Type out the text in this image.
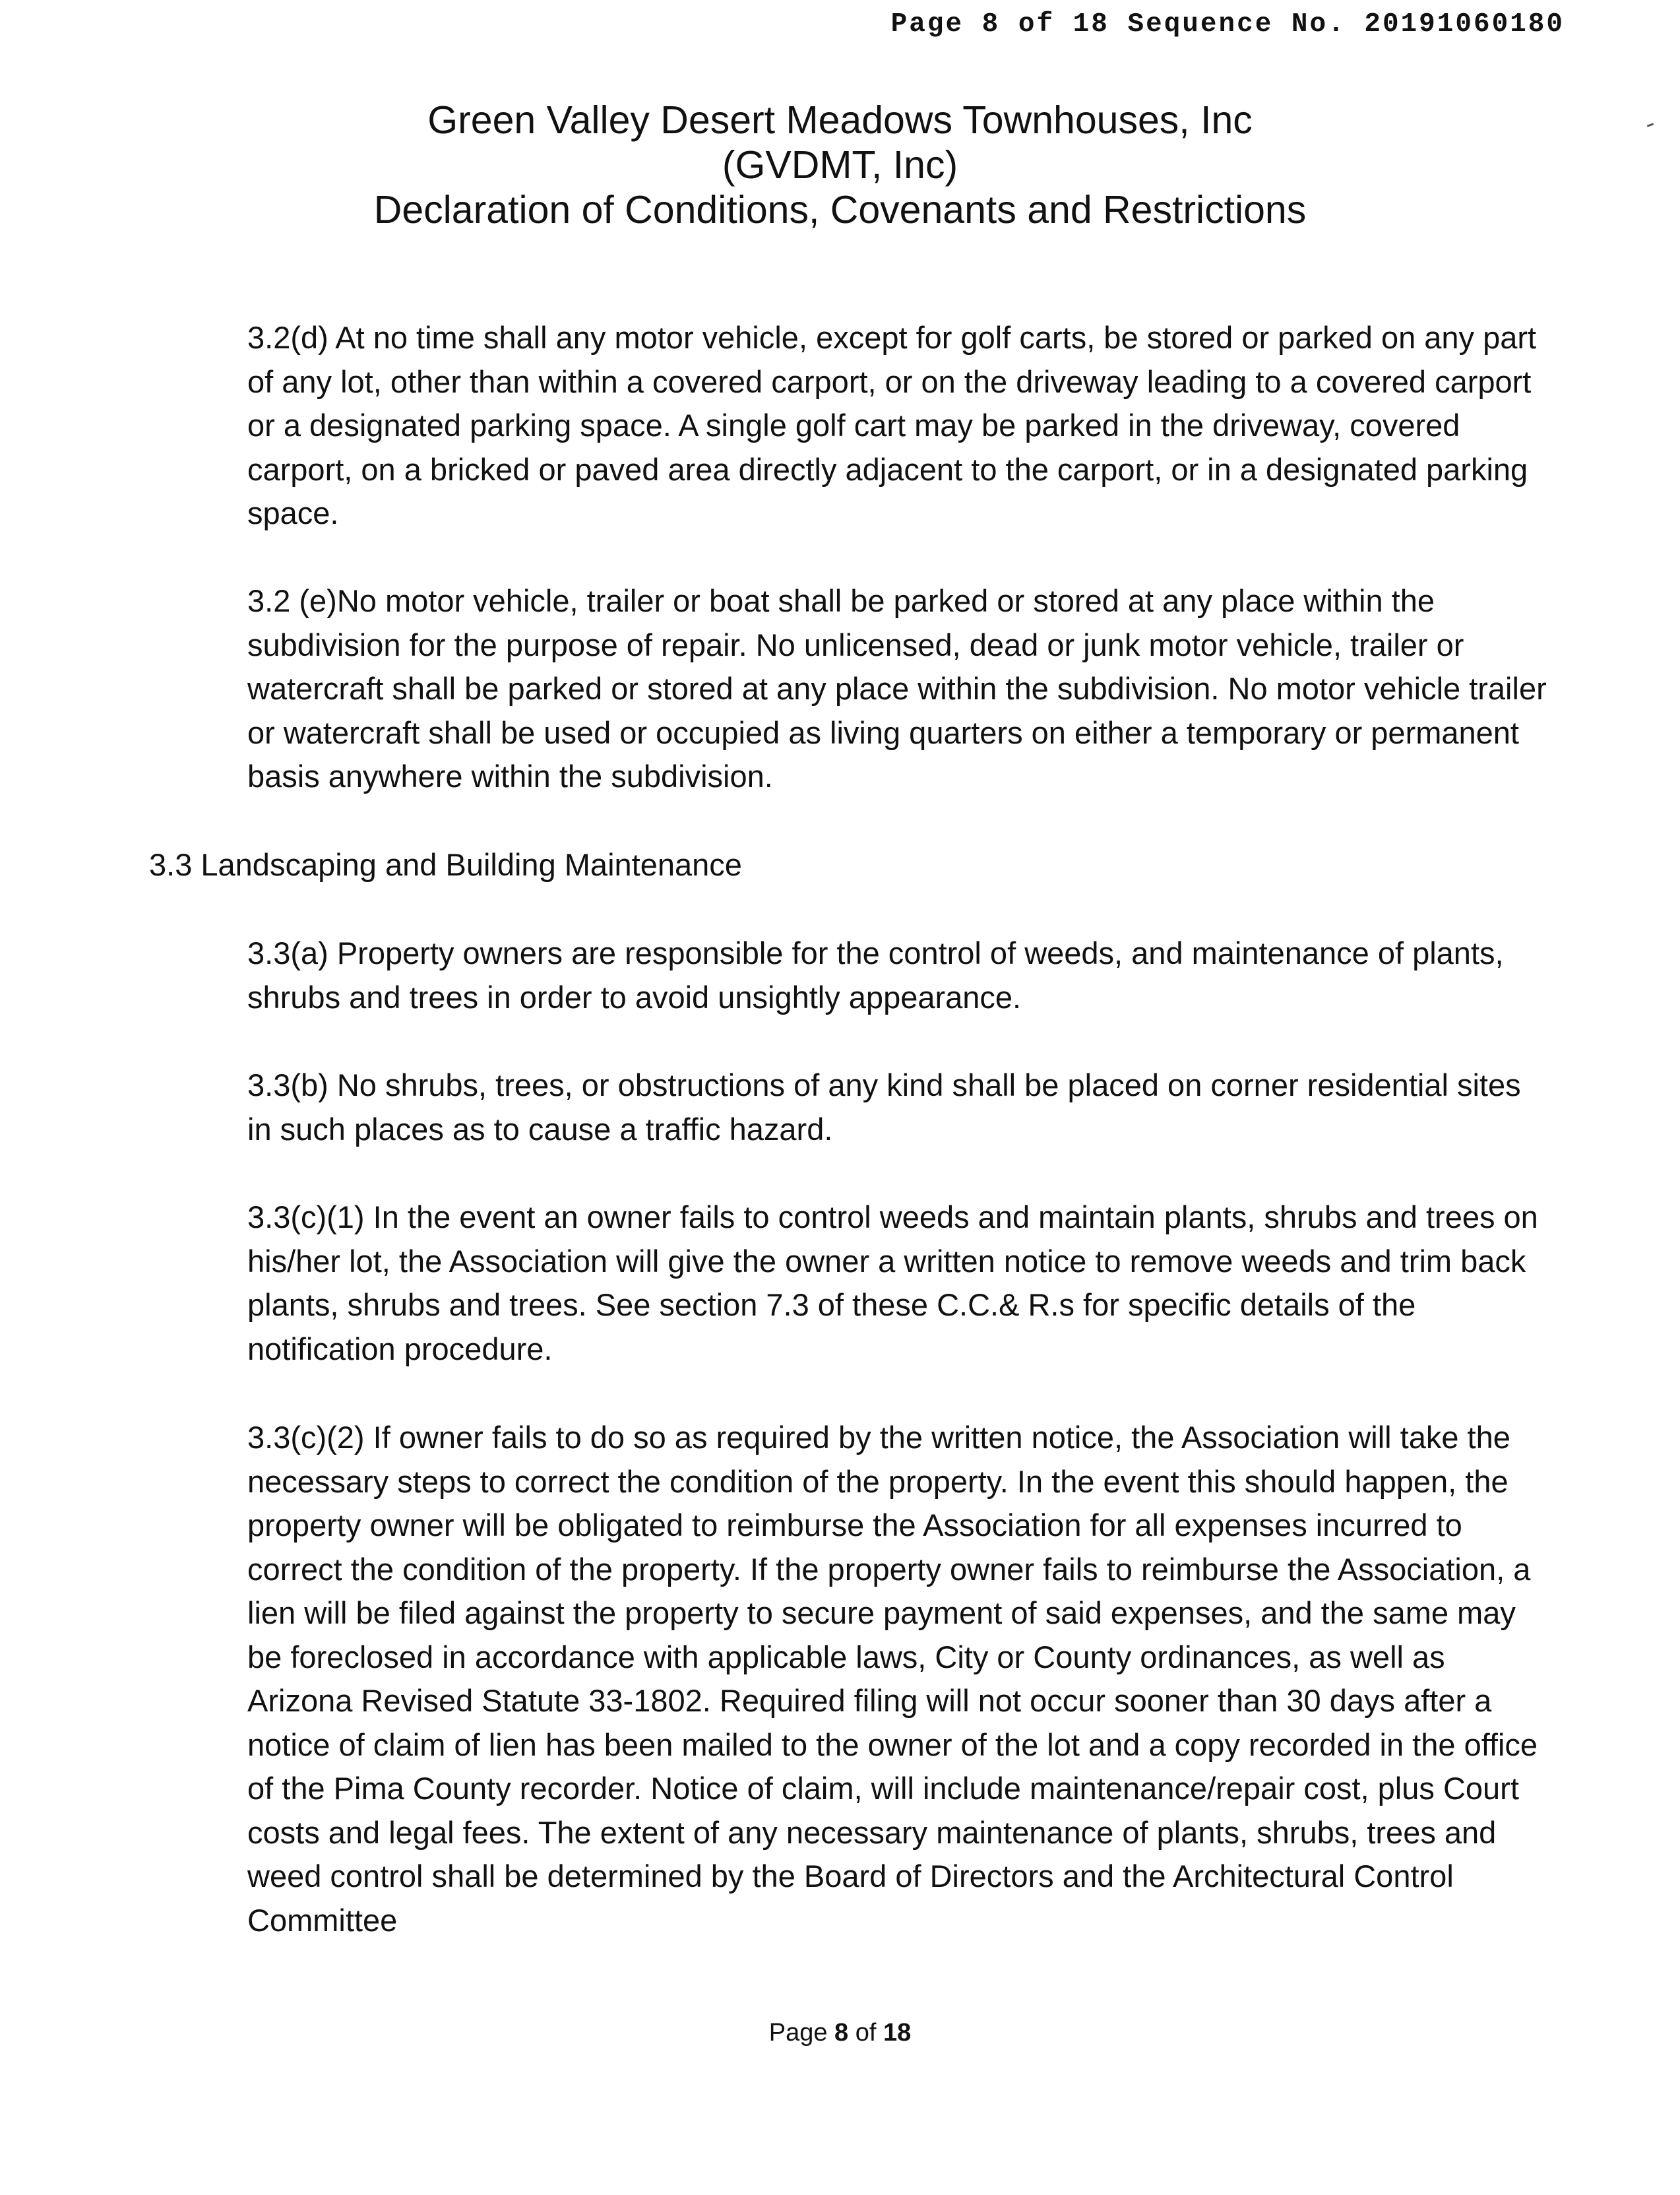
Page 8 of 18 Sequence No. 20191060180
Green Valley Desert Meadows Townhouses, Inc
(GVDMT, Inc)
Declaration of Conditions, Covenants and Restrictions

3.2(d) At no time shall any motor vehicle, except for golf carts, be stored or parked on any part of any lot, other than within a covered carport, or on the driveway leading to a covered carport or a designated parking space. A single golf cart may be parked in the driveway, covered carport, on a bricked or paved area directly adjacent to the carport, or in a designated parking space.

3.2 (e)No motor vehicle, trailer or boat shall be parked or stored at any place within the subdivision for the purpose of repair. No unlicensed, dead or junk motor vehicle, trailer or watercraft shall be parked or stored at any place within the subdivision. No motor vehicle trailer or watercraft shall be used or occupied as living quarters on either a temporary or permanent basis anywhere within the subdivision.

3.3 Landscaping and Building Maintenance

3.3(a) Property owners are responsible for the control of weeds, and maintenance of plants, shrubs and trees in order to avoid unsightly appearance.

3.3(b) No shrubs, trees, or obstructions of any kind shall be placed on corner residential sites in such places as to cause a traffic hazard.

3.3(c)(1) In the event an owner fails to control weeds and maintain plants, shrubs and trees on his/her lot, the Association will give the owner a written notice to remove weeds and trim back plants, shrubs and trees. See section 7.3 of these C.C.& R.s for specific details of the notification procedure.

3.3(c)(2) If owner fails to do so as required by the written notice, the Association will take the necessary steps to correct the condition of the property. In the event this should happen, the property owner will be obligated to reimburse the Association for all expenses incurred to correct the condition of the property. If the property owner fails to reimburse the Association, a lien will be filed against the property to secure payment of said expenses, and the same may be foreclosed in accordance with applicable laws, City or County ordinances, as well as Arizona Revised Statute 33-1802. Required filing will not occur sooner than 30 days after a notice of claim of lien has been mailed to the owner of the lot and a copy recorded in the office of the Pima County recorder. Notice of claim, will include maintenance/repair cost, plus Court costs and legal fees. The extent of any necessary maintenance of plants, shrubs, trees and weed control shall be determined by the Board of Directors and the Architectural Control Committee

Page 8 of 18
